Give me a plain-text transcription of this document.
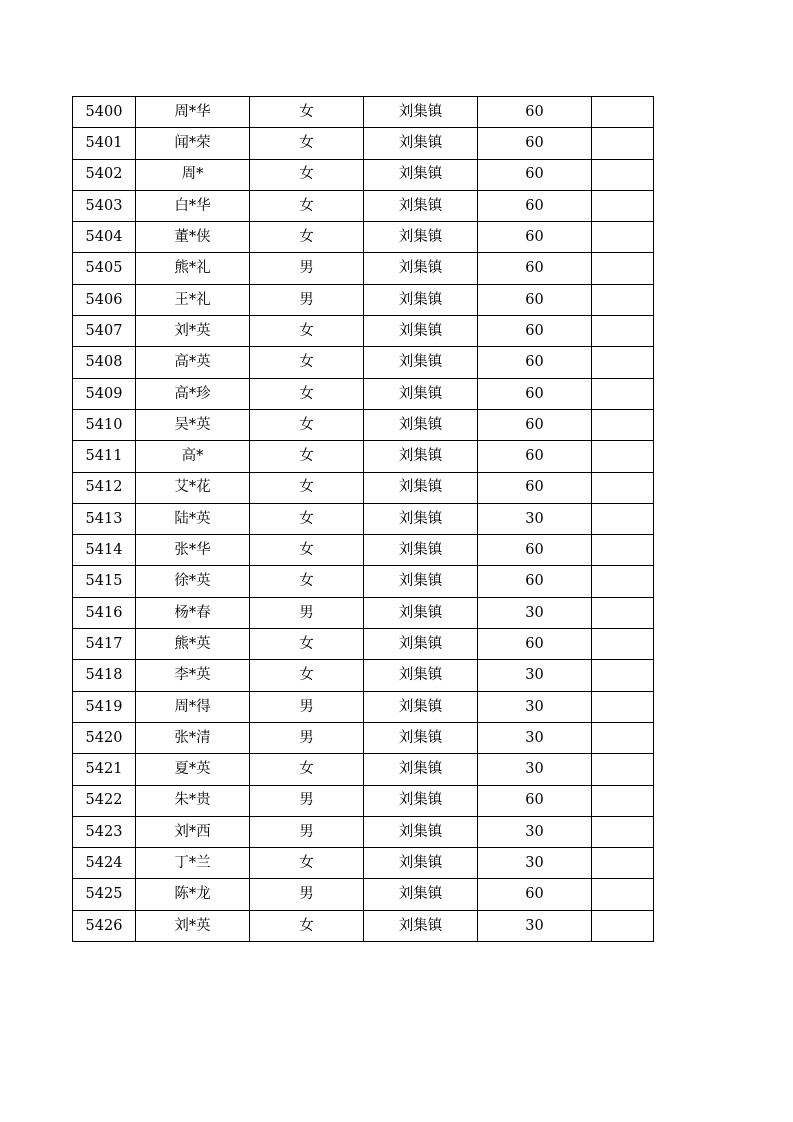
5400	周*华	女	刘集镇	60	
5401	闻*荣	女	刘集镇	60	
5402	周*	女	刘集镇	60	
5403	白*华	女	刘集镇	60	
5404	董*侠	女	刘集镇	60	
5405	熊*礼	男	刘集镇	60	
5406	王*礼	男	刘集镇	60	
5407	刘*英	女	刘集镇	60	
5408	高*英	女	刘集镇	60	
5409	高*珍	女	刘集镇	60	
5410	吴*英	女	刘集镇	60	
5411	高*	女	刘集镇	60	
5412	艾*花	女	刘集镇	60	
5413	陆*英	女	刘集镇	30	
5414	张*华	女	刘集镇	60	
5415	徐*英	女	刘集镇	60	
5416	杨*春	男	刘集镇	30	
5417	熊*英	女	刘集镇	60	
5418	李*英	女	刘集镇	30	
5419	周*得	男	刘集镇	30	
5420	张*清	男	刘集镇	30	
5421	夏*英	女	刘集镇	30	
5422	朱*贵	男	刘集镇	60	
5423	刘*西	男	刘集镇	30	
5424	丁*兰	女	刘集镇	30	
5425	陈*龙	男	刘集镇	60	
5426	刘*英	女	刘集镇	30	
